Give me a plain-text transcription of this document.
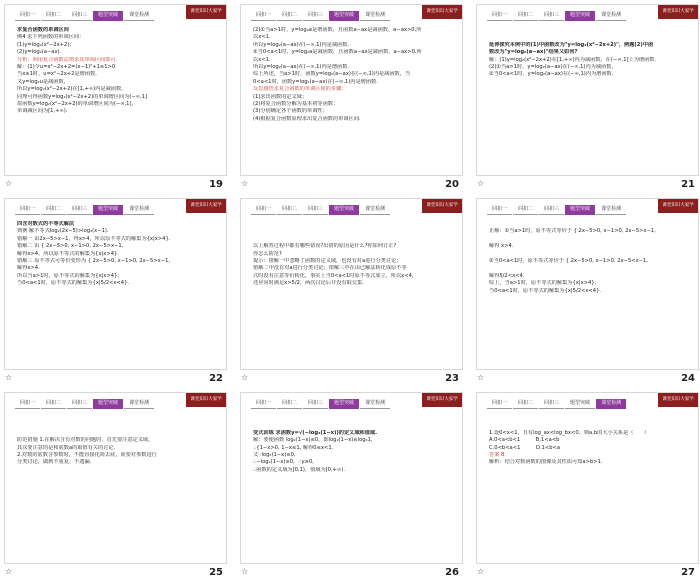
回扣一	回扣二	回扣三	题型突破	课堂检测
课堂知识大家学
求复合函数的单调区间
例4 求下列函数的单调区间：
(1)y=log₂(x²−2x+2);
(2)y=log₂(a−ax).
分析：利用复合函数法则求其单调区间即可.
解：(1)令u=x²−2x+2=(x−1)²+1≥1>0
当x≥1时，u=x²−2x+2是增函数，
又y=log₂u是减函数，
所以y=log₂(x²−2x+2)在[1,+∞)内是减函数，
同理可得函数y=log₂(x²−2x+2)的单调增区间为(−∞,1]
故函数y=log₂(x²−2x+2)的单调增区间为(−∞,1]，
单调减区间为[1,+∞).
☆	19
回扣一	回扣二	回扣三	题型突破	课堂检测
课堂知识大家学
(2)①当a>1时，y=log₂a是增函数，且函数a−ax是减函数，a−ax>0,所
以x<1.
所以y=log₂(a−ax)在(−∞,1)内是减函数.
②当0<a<1时，y=log₂a是减函数，且函数a−ax是减函数，a−ax>0,所
以x<1.
所以y=log₂(a−ax)在(−∞,1)内是增函数.
综上所述，当a>1时，函数y=log₂(a−ax)在(−∞,1)内是减函数，当
0<a<1时，函数y=log₂(a−ax)在(−∞,1)内是增函数.
反思感悟求复合函数的单调区间的步骤：
(1)求出函数的定义域；
(2)将复合函数分解为基本初等函数；
(3)分别确定各个函数的单调性；
(4)根据复合函数原理求出复合函数的单调区间.
☆	20
回扣一	回扣二	回扣三	题型突破	课堂检测
课堂知识大家学

延伸探究本例中的(1)中函数改为"y=log₂(x²−2x+2)"，例题(2)中函
数改为"y=log₂(a−ax)"结果又如何?
解：(1)y=log₂(x²−2x+2)在[1,+∞)内为减函数，在(−∞,1]上为增函数.
(2)①当a>1时，y=log₂(a−ax)在(−∞,1)内为减函数，
②当0<a<1时，y=log₂(a−ax)在(−∞,1)内为增函数.
☆	21
回扣一	回扣二	回扣三	题型突破	课堂检测
课堂知识大家学
四含对数式的不等式解法
典例 解不等式log₂(2x−5)>log₂(x−1).
错解一 由2x−5>x−1，得x>4，所以原不等式的解集为{x|x>4}.
错解二 由 { 2x−5>0, x−1>0, 2x−5>x−1,
解得x>4，所以原不等式的解集为{x|x>4}.
错解三 原不等式可等价变形为 { 2x−5>0, x−1>0, 2x−5>x−1,
解得x>4.
所以当a>1时，原不等式的解集为{x|x>4};
当0<a<1时，原不等式的解集为{x|5/2<x<4}.
☆	22
回扣一	回扣二	回扣三	题型突破	课堂检测
课堂知识大家学

以上解答过程中都有哪些错误?出错的原因是什么?你如何订正?
你怎么防范?
提示：错解一中忽略了函数的定义域，也没有对a进行分类讨论；
错解二中没有对a进行分类讨论；错解三中在由已解法转化成原不等
式时没有注意等价转化，事实上当0<a<1时原不等式成立，所以x<4，
还应同时满足x>5/2，两次讨论后并没有取交集.
☆	23
回扣一	回扣二	回扣三	题型突破	课堂检测
课堂知识大家学

正解：①当a>1时，原不等式等价于 { 2x−5>0, x−1>0, 2x−5>x−1,

解得 x>4.

②当0<a<1时，原不等式等价于 { 2x−5>0, x−1>0, 2x−5<x−1,

解得5/2<x<4.
综上，当a>1时，原不等式的解集为{x|x>4};
当0<a<1时，原不等式的解集为{x|5/2<x<4}.
☆	24
回扣一	回扣二	回扣三	题型突破	课堂检测
课堂知识大家学

防范措施 1.在解决含有对数的问题时，首先要注意定义域，
其次要注意的是和底数a的取值有关的讨论.
2.对数的底数含参数时，不能直接化简去底，而要对参数进行
分类讨论，做到不重复、不遗漏.
☆	25
回扣一	回扣二	回扣三	题型突破	课堂检测
课堂知识大家学

变式训练 求函数y=√(−log₂(1−x))的定义域和值域.
解：要使函数 log₂(1−x)≤0，即log₂(1−x)≤log₂1，
∴{1−x>0, 1−x≤1, 解得0≤x<1.
又∵log₂(1−x)≤0,
∴−log₂(1−x)≥0，∴y≥0,
∴函数的定义域为[0,1)，值域为[0,+∞).
☆	26
回扣一	回扣二	回扣三	题型突破	课堂检测
课堂知识大家学

1.设0<x<1，且有log_ax<log_bx<0，则a,b的大小关系是（　　）
A.0<a<b<1　　　B.1<a<b
C.0<b<a<1　　　D.1<b<a
答案 B
解析：结合对数函数的图像及其性质可知a>b>1.
☆	27
